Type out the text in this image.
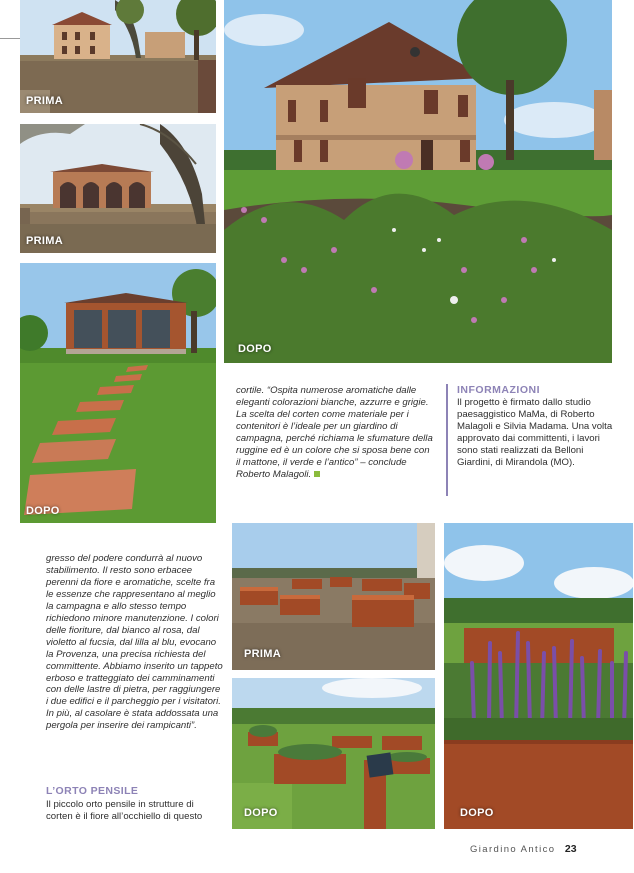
PRIMA
PRIMA
DOPO
DOPO

cortile. “Ospita numerose aromatiche dalle eleganti colorazioni bianche, azzurre e grigie. La scelta del corten come materiale per i contenitori è l’ideale per un giardino di campagna, perché richiama le sfumature della ruggine ed è un colore che si sposa bene con il mattone, il verde e l’antico” – conclude Roberto Malagoli.

INFORMAZIONI
Il progetto è firmato dallo studio paesaggistico MaMa, di Roberto Malagoli e Silvia Madama. Una volta approvato dai committenti, i lavori sono stati realizzati da Belloni Giardini, di Mirandola (MO).

gresso del podere condurrà al nuovo stabilimento. Il resto sono erbacee perenni da fiore e aromatiche, scelte fra le essenze che rappresentano al meglio la campagna e allo stesso tempo richiedono minore manutenzione. I colori delle fioriture, dal bianco al rosa, dal violetto al fucsia, dal lilla al blu, evocano la Provenza, una precisa richiesta del committente. Abbiamo inserito un tappeto erboso e tratteggiato dei camminamenti con delle lastre di pietra, per raggiungere i due edifici e il parcheggio per i visitatori. In più, al casolare è stata addossata una pergola per inserire dei rampicanti”.

L’ORTO PENSILE
Il piccolo orto pensile in strutture di corten è il fiore all’occhiello di questo
PRIMA
DOPO	DOPO
Giardino Antico 23
